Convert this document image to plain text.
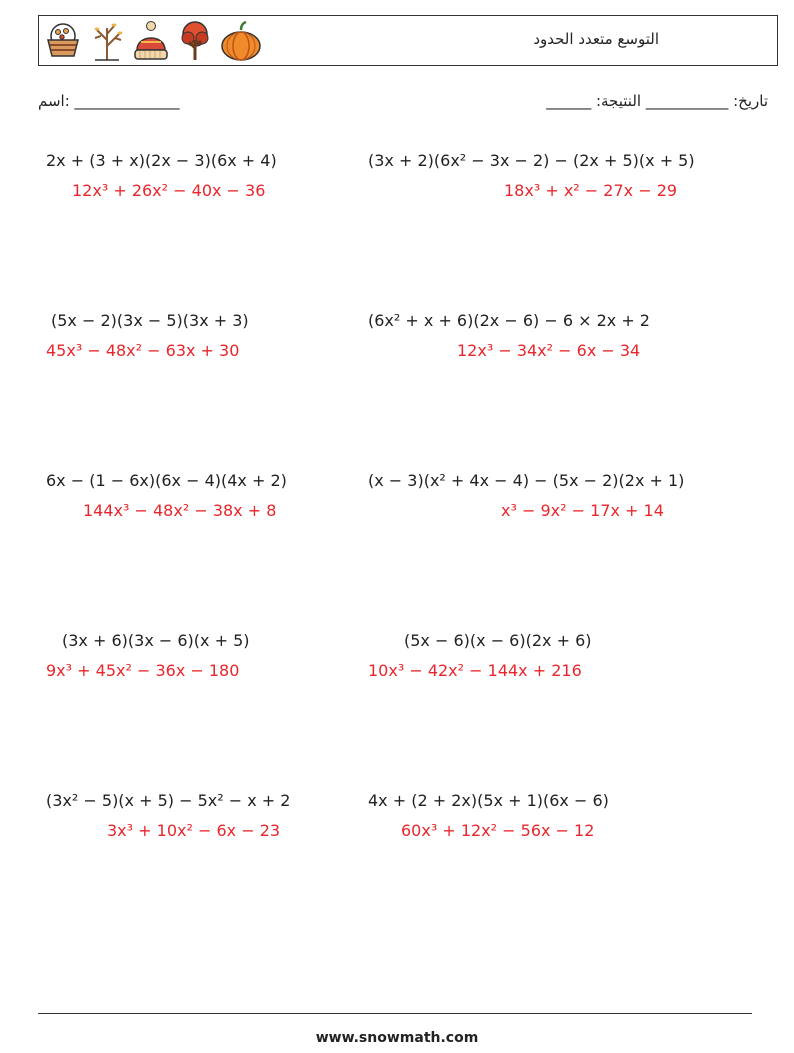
التوسع متعدد الحدود
اسم: ______________	______ :تاريخ: ___________ النتيجة
2x + (3 + x)(2x − 3)(6x + 4)
12x³ + 26x² − 40x − 36
(3x + 2)(6x² − 3x − 2) − (2x + 5)(x + 5)
18x³ + x² − 27x − 29
(5x − 2)(3x − 5)(3x + 3)
45x³ − 48x² − 63x + 30
(6x² + x + 6)(2x − 6) − 6 × 2x + 2
12x³ − 34x² − 6x − 34
6x − (1 − 6x)(6x − 4)(4x + 2)
144x³ − 48x² − 38x + 8
(x − 3)(x² + 4x − 4) − (5x − 2)(2x + 1)
x³ − 9x² − 17x + 14
(3x + 6)(3x − 6)(x + 5)
9x³ + 45x² − 36x − 180
(5x − 6)(x − 6)(2x + 6)
10x³ − 42x² − 144x + 216
(3x² − 5)(x + 5) − 5x² − x + 2
3x³ + 10x² − 6x − 23
4x + (2 + 2x)(5x + 1)(6x − 6)
60x³ + 12x² − 56x − 12
www.snowmath.com
